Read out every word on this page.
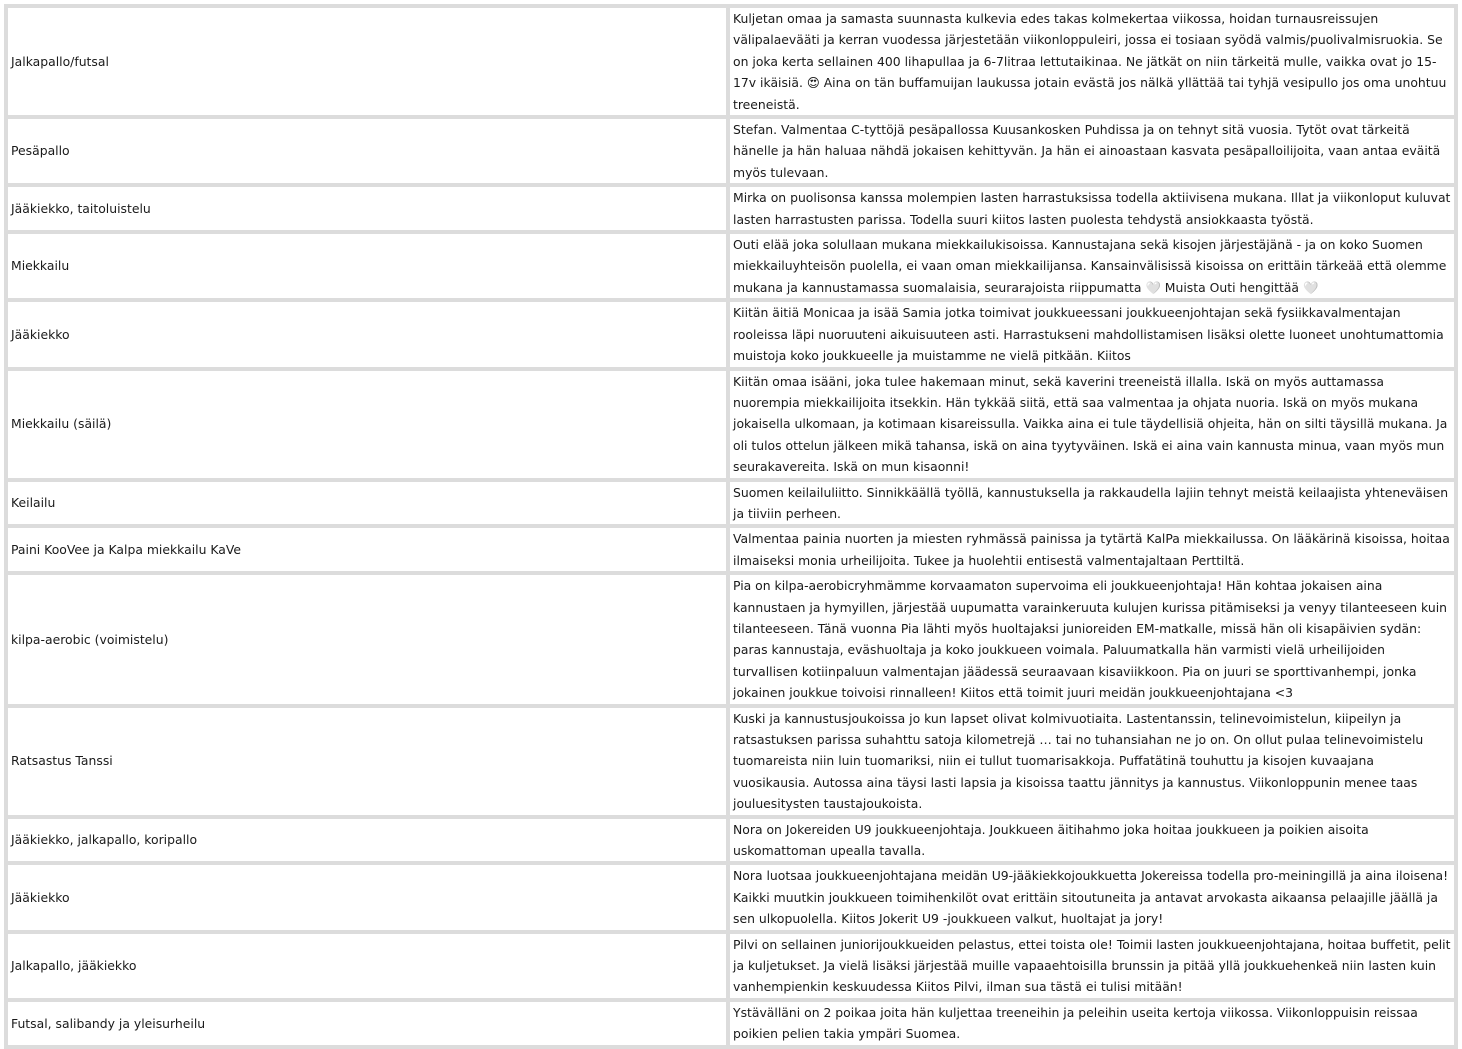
Jalkapallo/futsal	Kuljetan omaa ja samasta suunnasta kulkevia edes takas kolmekertaa viikossa, hoidan turnausreissujen välipalaevääti ja kerran vuodessa järjestetään viikonloppuleiri, jossa ei tosiaan syödä valmis/puolivalmisruokia. Se on joka kerta sellainen 400 lihapullaa ja 6-7litraa lettutaikinaa. Ne jätkät on niin tärkeitä mulle, vaikka ovat jo 15-17v ikäisiä. 😍 Aina on tän buffamuijan laukussa jotain evästä jos nälkä yllättää tai tyhjä vesipullo jos oma unohtuu treeneistä.
Pesäpallo	Stefan. Valmentaa C-tyttöjä pesäpallossa Kuusankosken Puhdissa ja on tehnyt sitä vuosia. Tytöt ovat tärkeitä hänelle ja hän haluaa nähdä jokaisen kehittyvän. Ja hän ei ainoastaan kasvata pesäpalloilijoita, vaan antaa eväitä myös tulevaan.
Jääkiekko, taitoluistelu	Mirka on puolisonsa kanssa molempien lasten harrastuksissa todella aktiivisena mukana. Illat ja viikonloput kuluvat lasten harrastusten parissa. Todella suuri kiitos lasten puolesta tehdystä ansiokkaasta työstä.
Miekkailu	Outi elää joka solullaan mukana miekkailukisoissa. Kannustajana sekä kisojen järjestäjänä - ja on koko Suomen miekkailuyhteisön puolella, ei vaan oman miekkailijansa. Kansainvälisissä kisoissa on erittäin tärkeää että olemme mukana ja kannustamassa suomalaisia, seurarajoista riippumatta 🤍 Muista Outi hengittää 🤍
Jääkiekko	Kiitän äitiä Monicaa ja isää Samia jotka toimivat joukkueessani joukkueenjohtajan sekä fysiikkavalmentajan rooleissa läpi nuoruuteni aikuisuuteen asti. Harrastukseni mahdollistamisen lisäksi olette luoneet unohtumattomia muistoja koko joukkueelle ja muistamme ne vielä pitkään. Kiitos
Miekkailu (säilä)	Kiitän omaa isääni, joka tulee hakemaan minut, sekä kaverini treeneistä illalla. Iskä on myös auttamassa nuorempia miekkailijoita itsekkin. Hän tykkää siitä, että saa valmentaa ja ohjata nuoria. Iskä on myös mukana jokaisella ulkomaan, ja kotimaan kisareissulla. Vaikka aina ei tule täydellisiä ohjeita, hän on silti täysillä mukana. Ja oli tulos ottelun jälkeen mikä tahansa, iskä on aina tyytyväinen. Iskä ei aina vain kannusta minua, vaan myös mun seurakavereita. Iskä on mun kisaonni!
Keilailu	Suomen keilailuliitto. Sinnikkäällä työllä, kannustuksella ja rakkaudella lajiin tehnyt meistä keilaajista yhteneväisen ja tiiviin perheen.
Paini KooVee ja Kalpa miekkailu KaVe	Valmentaa painia nuorten ja miesten ryhmässä painissa ja tytärtä KalPa miekkailussa. On lääkärinä kisoissa, hoitaa ilmaiseksi monia urheilijoita. Tukee ja huolehtii entisestä valmentajaltaan Perttiltä.
kilpa-aerobic (voimistelu)	Pia on kilpa-aerobicryhmämme korvaamaton supervoima eli joukkueenjohtaja! Hän kohtaa jokaisen aina kannustaen ja hymyillen, järjestää uupumatta varainkeruuta kulujen kurissa pitämiseksi ja venyy tilanteeseen kuin tilanteeseen. Tänä vuonna Pia lähti myös huoltajaksi junioreiden EM-matkalle, missä hän oli kisapäivien sydän: paras kannustaja, eväshuoltaja ja koko joukkueen voimala. Paluumatkalla hän varmisti vielä urheilijoiden turvallisen kotiinpaluun valmentajan jäädessä seuraavaan kisaviikkoon. Pia on juuri se sporttivanhempi, jonka jokainen joukkue toivoisi rinnalleen! Kiitos että toimit juuri meidän joukkueenjohtajana <3
Ratsastus Tanssi	Kuski ja kannustusjoukoissa jo kun lapset olivat kolmivuotiaita. Lastentanssin, telinevoimistelun, kiipeilyn ja ratsastuksen parissa suhahttu satoja kilometrejä … tai no tuhansiahan ne jo on. On ollut pulaa telinevoimistelu tuomareista niin luin tuomariksi, niin ei tullut tuomarisakkoja. Puffatätinä touhuttu ja kisojen kuvaajana vuosikausia. Autossa aina täysi lasti lapsia ja kisoissa taattu jännitys ja kannustus. Viikonloppunin menee taas jouluesitysten taustajoukoista.
Jääkiekko, jalkapallo, koripallo	Nora on Jokereiden U9 joukkueenjohtaja. Joukkueen äitihahmo joka hoitaa joukkueen ja poikien aisoita uskomattoman upealla tavalla.
Jääkiekko	Nora luotsaa joukkueenjohtajana meidän U9-jääkiekkojoukkuetta Jokereissa todella pro-meiningillä ja aina iloisena! Kaikki muutkin joukkueen toimihenkilöt ovat erittäin sitoutuneita ja antavat arvokasta aikaansa pelaajille jäällä ja sen ulkopuolella. Kiitos Jokerit U9 -joukkueen valkut, huoltajat ja jory!
Jalkapallo, jääkiekko	Pilvi on sellainen juniorijoukkueiden pelastus, ettei toista ole! Toimii lasten joukkueenjohtajana, hoitaa buffetit, pelit ja kuljetukset. Ja vielä lisäksi järjestää muille vapaaehtoisilla brunssin ja pitää yllä joukkuehenkeä niin lasten kuin vanhempienkin keskuudessa Kiitos Pilvi, ilman sua tästä ei tulisi mitään!
Futsal, salibandy ja yleisurheilu	Ystävälläni on 2 poikaa joita hän kuljettaa treeneihin ja peleihin useita kertoja viikossa. Viikonloppuisin reissaa poikien pelien takia ympäri Suomea.
